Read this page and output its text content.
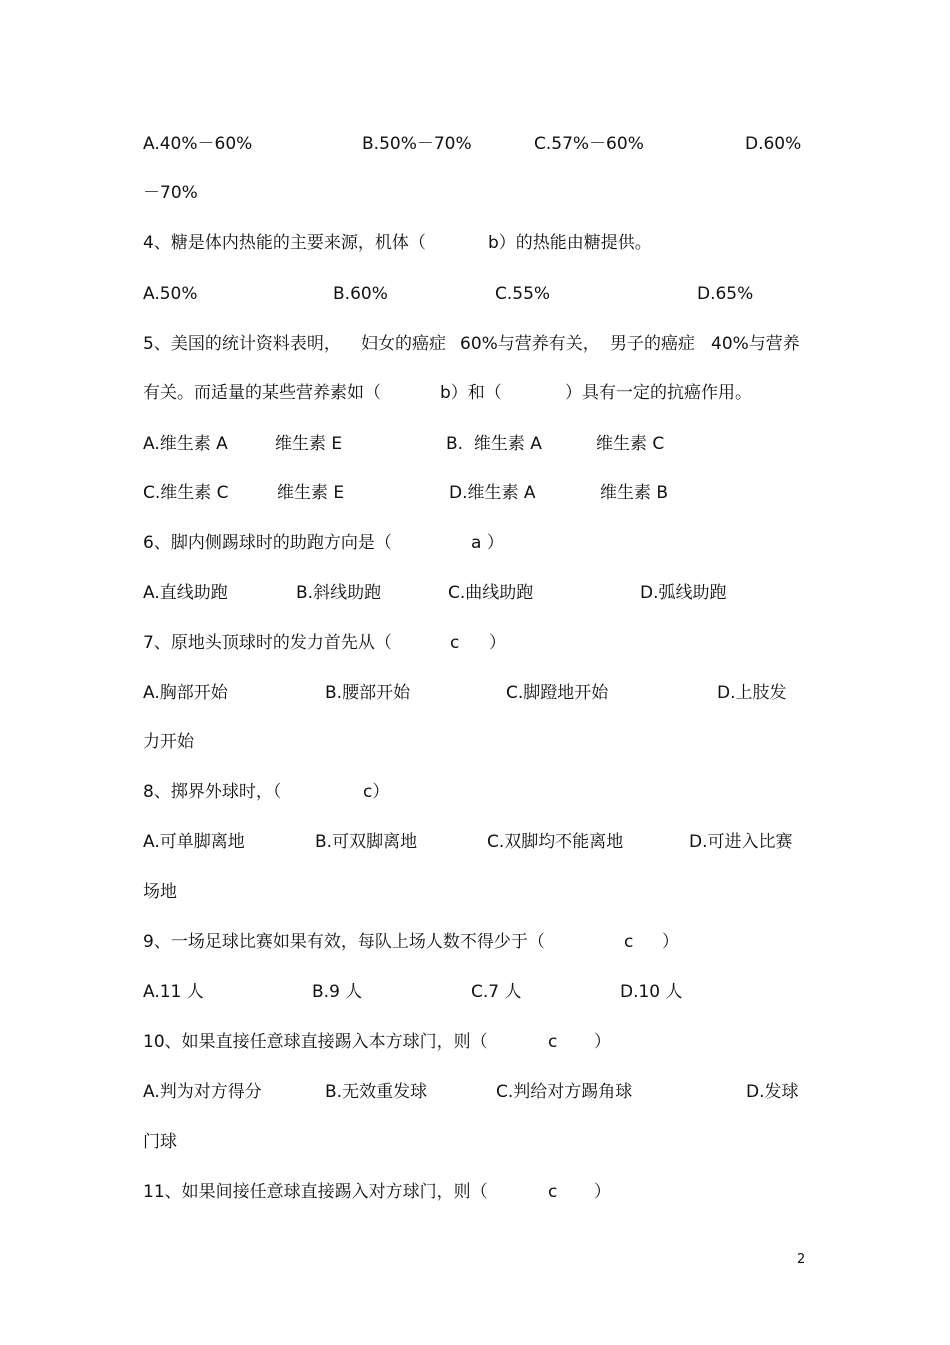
A.40%－60%	B.50%－70%	C.57%－60%	D.60%
－70%
4、糖是体内热能的主要来源，机体（	b）的热能由糖提供。
A.50%	B.60%	C.55%	D.65%
5、美国的统计资料表明， 妇女的癌症 60%与营养有关， 男子的癌症 40%与营养
有关。而适量的某些营养素如（	b）和（	）具有一定的抗癌作用。
A.维生素 A	维生素 E	B.  维生素 A	维生素 C
C.维生素 C	维生素 E	D.维生素 A	维生素 B
6、脚内侧踢球时的助跑方向是（	a ）
A.直线助跑	B.斜线助跑	C.曲线助跑	D.弧线助跑
7、原地头顶球时的发力首先从（	c ）
A.胸部开始	B.腰部开始	C.脚蹬地开始	D.上肢发
力开始
8、掷界外球时，（	c）
A.可单脚离地	B.可双脚离地	C.双脚均不能离地	D.可进入比赛
场地
9、一场足球比赛如果有效，每队上场人数不得少于（	c ）
A.11 人	B.9 人	C.7 人	D.10 人
10、如果直接任意球直接踢入本方球门，则（	c ）
A.判为对方得分	B.无效重发球	C.判给对方踢角球	D.发球
门球
11、如果间接任意球直接踢入对方球门，则（	c ）
2
